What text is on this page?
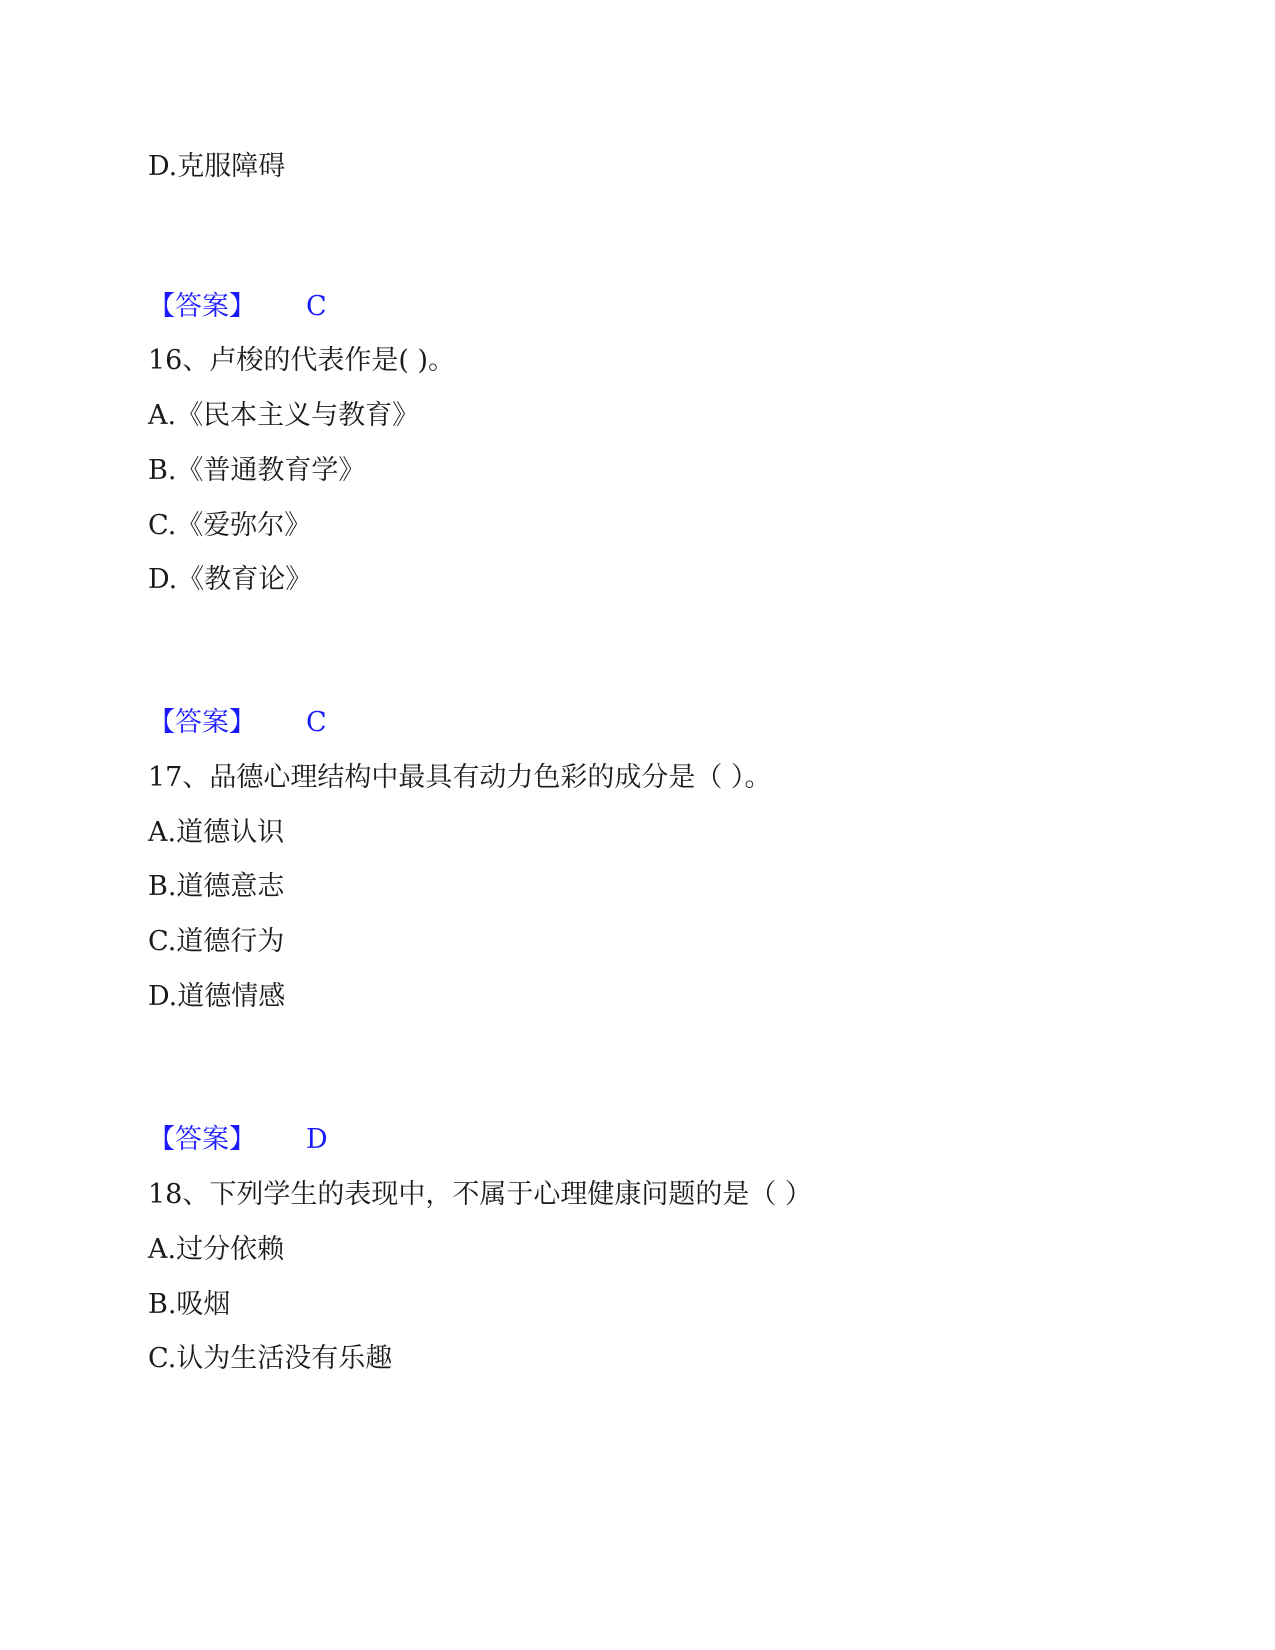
D.克服障碍
【答案】 C
16、卢梭的代表作是( )。
A.《民本主义与教育》
B.《普通教育学》
C.《爱弥尔》
D.《教育论》
【答案】 C
17、品德心理结构中最具有动力色彩的成分是（ ）。
A.道德认识
B.道德意志
C.道德行为
D.道德情感
【答案】 D
18、下列学生的表现中，不属于心理健康问题的是（ ）
A.过分依赖
B.吸烟
C.认为生活没有乐趣
